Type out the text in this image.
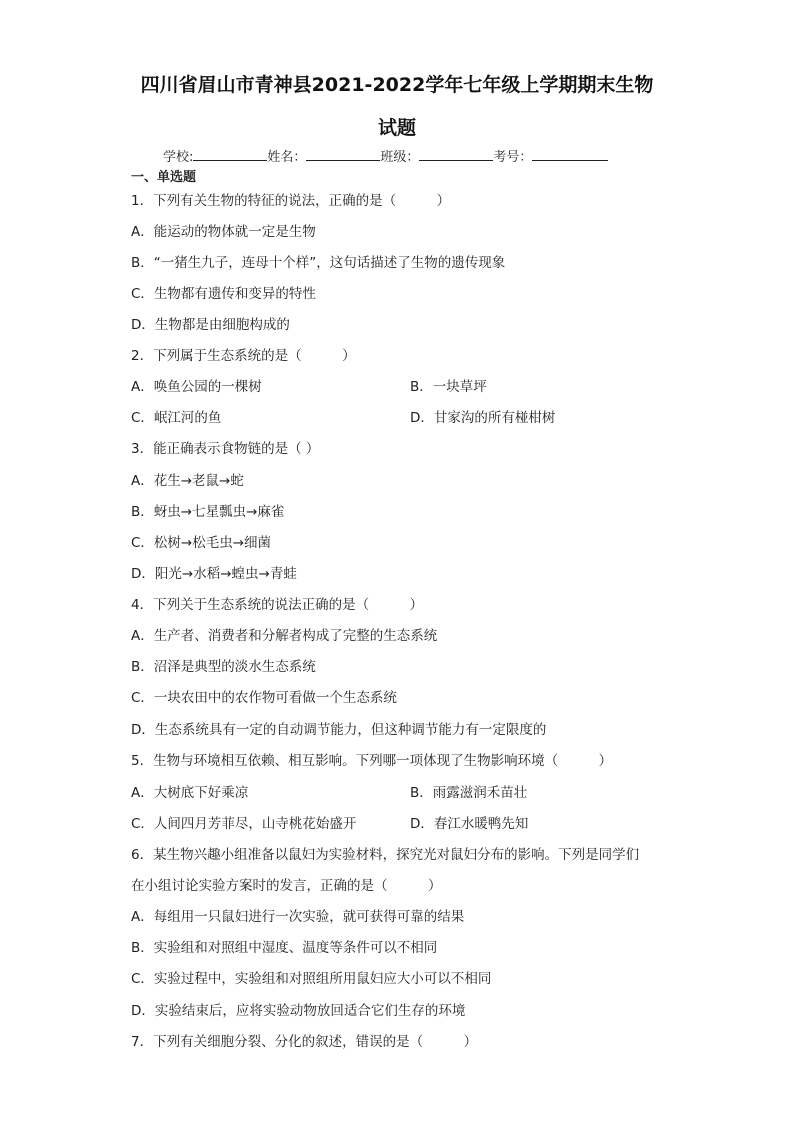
四川省眉山市青神县2021-2022学年七年级上学期期末生物
试题
学校:	姓名：	班级：	考号：
一、单选题
1．下列有关生物的特征的说法，正确的是（　　　）
A．能运动的物体就一定是生物
B．“一猪生九子，连母十个样”，这句话描述了生物的遗传现象
C．生物都有遗传和变异的特性
D．生物都是由细胞构成的
2．下列属于生态系统的是（　　　）
A．唤鱼公园的一棵树	B．一块草坪
C．岷江河的鱼	D．甘家沟的所有椪柑树
3．能正确表示食物链的是（ ）
A．花生→老鼠→蛇
B．蚜虫→七星瓢虫→麻雀
C．松树→松毛虫→细菌
D．阳光→水稻→蝗虫→青蛙
4．下列关于生态系统的说法正确的是（　　　）
A．生产者、消费者和分解者构成了完整的生态系统
B．沼泽是典型的淡水生态系统
C．一块农田中的农作物可看做一个生态系统
D．生态系统具有一定的自动调节能力，但这种调节能力有一定限度的
5．生物与环境相互依赖、相互影响。下列哪一项体现了生物影响环境（　　　）
A．大树底下好乘凉	B．雨露滋润禾苗壮
C．人间四月芳菲尽，山寺桃花始盛开	D．春江水暖鸭先知
6．某生物兴趣小组准备以鼠妇为实验材料，探究光对鼠妇分布的影响。下列是同学们
在小组讨论实验方案时的发言，正确的是（　　　）
A．每组用一只鼠妇进行一次实验，就可获得可靠的结果
B．实验组和对照组中湿度、温度等条件可以不相同
C．实验过程中，实验组和对照组所用鼠妇应大小可以不相同
D．实验结束后，应将实验动物放回适合它们生存的环境
7．下列有关细胞分裂、分化的叙述，错误的是（　　　）
